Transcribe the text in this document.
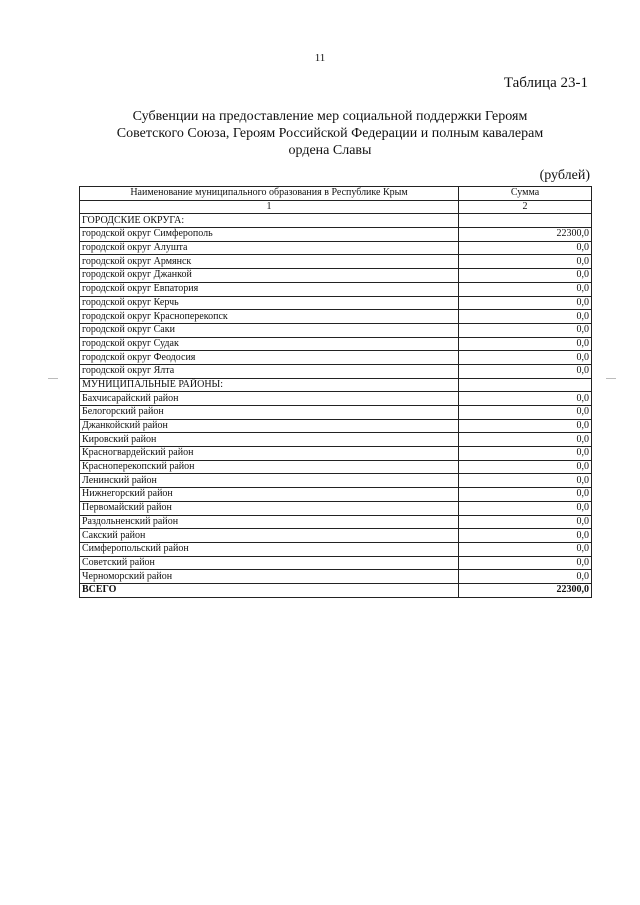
11
Таблица 23-1
Субвенции на предоставление мер социальной поддержки Героям Советского Союза, Героям Российской Федерации и полным кавалерам ордена Славы
(рублей)
Наименование муниципального образования в Республике Крым	Сумма
1	2
ГОРОДСКИЕ ОКРУГА:	
городской округ Симферополь	22300,0
городской округ Алушта	0,0
городской округ Армянск	0,0
городской округ Джанкой	0,0
городской округ Евпатория	0,0
городской округ Керчь	0,0
городской округ Красноперекопск	0,0
городской округ Саки	0,0
городской округ Судак	0,0
городской округ Феодосия	0,0
городской округ Ялта	0,0
МУНИЦИПАЛЬНЫЕ РАЙОНЫ:	
Бахчисарайский район	0,0
Белогорский район	0,0
Джанкойский район	0,0
Кировский район	0,0
Красногвардейский район	0,0
Красноперекопский район	0,0
Ленинский район	0,0
Нижнегорский район	0,0
Первомайский район	0,0
Раздольненский район	0,0
Сакский район	0,0
Симферопольский район	0,0
Советский район	0,0
Черноморский район	0,0
ВСЕГО	22300,0
